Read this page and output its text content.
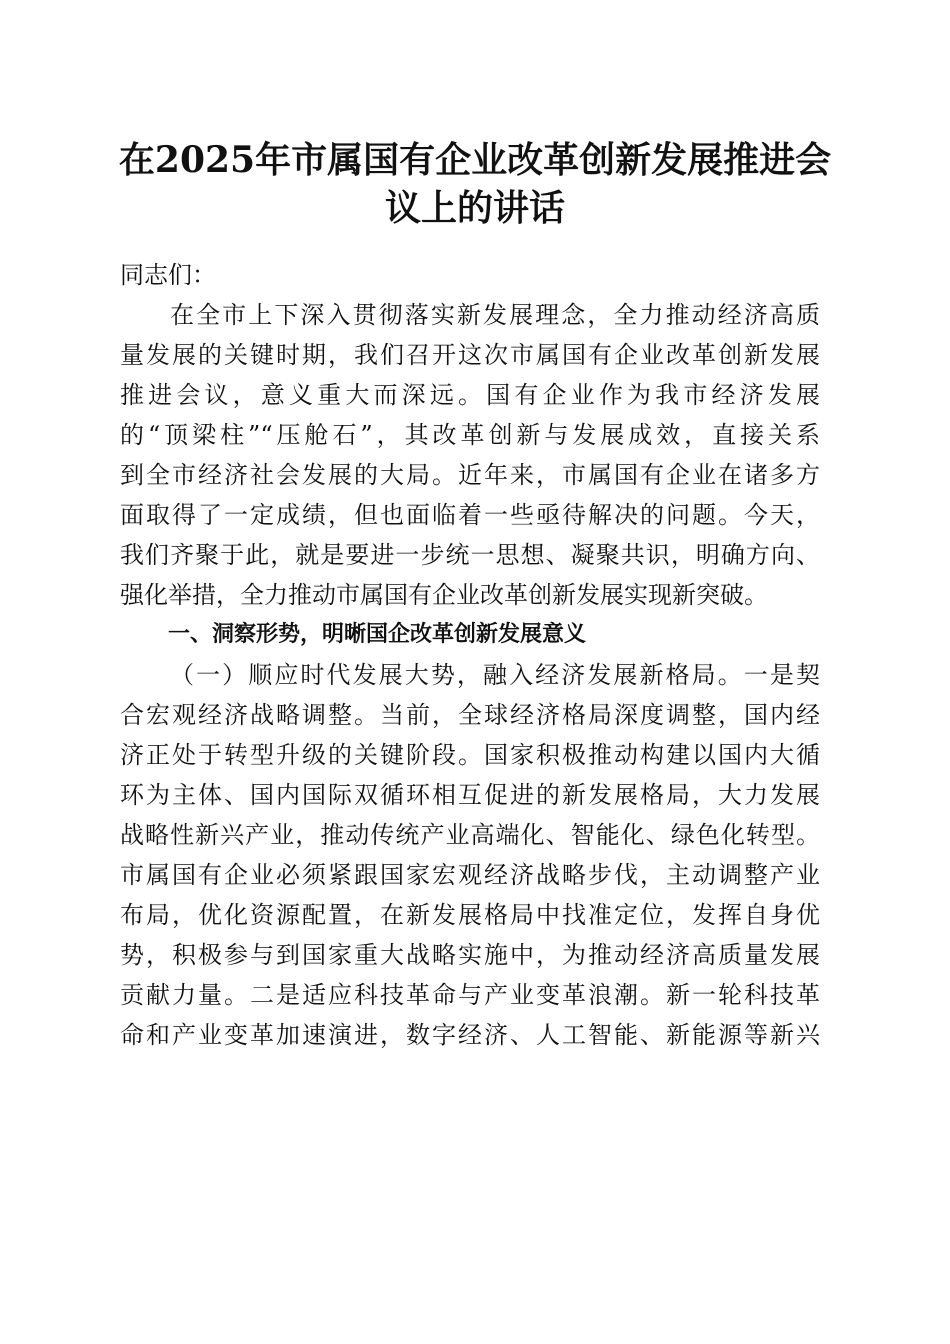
在2025年市属国有企业改革创新发展推进会
议上的讲话
同志们：
在全市上下深入贯彻落实新发展理念，全力推动经济高质
量发展的关键时期，我们召开这次市属国有企业改革创新发展
推进会议，意义重大而深远。国有企业作为我市经济发展
的“顶梁柱”“压舱石”，其改革创新与发展成效，直接关系
到全市经济社会发展的大局。近年来，市属国有企业在诸多方
面取得了一定成绩，但也面临着一些亟待解决的问题。今天，
我们齐聚于此，就是要进一步统一思想、凝聚共识，明确方向、
强化举措，全力推动市属国有企业改革创新发展实现新突破。
一、洞察形势，明晰国企改革创新发展意义
（一）顺应时代发展大势，融入经济发展新格局。一是契
合宏观经济战略调整。当前，全球经济格局深度调整，国内经
济正处于转型升级的关键阶段。国家积极推动构建以国内大循
环为主体、国内国际双循环相互促进的新发展格局，大力发展
战略性新兴产业，推动传统产业高端化、智能化、绿色化转型。
市属国有企业必须紧跟国家宏观经济战略步伐，主动调整产业
布局，优化资源配置，在新发展格局中找准定位，发挥自身优
势，积极参与到国家重大战略实施中，为推动经济高质量发展
贡献力量。二是适应科技革命与产业变革浪潮。新一轮科技革
命和产业变革加速演进，数字经济、人工智能、新能源等新兴
